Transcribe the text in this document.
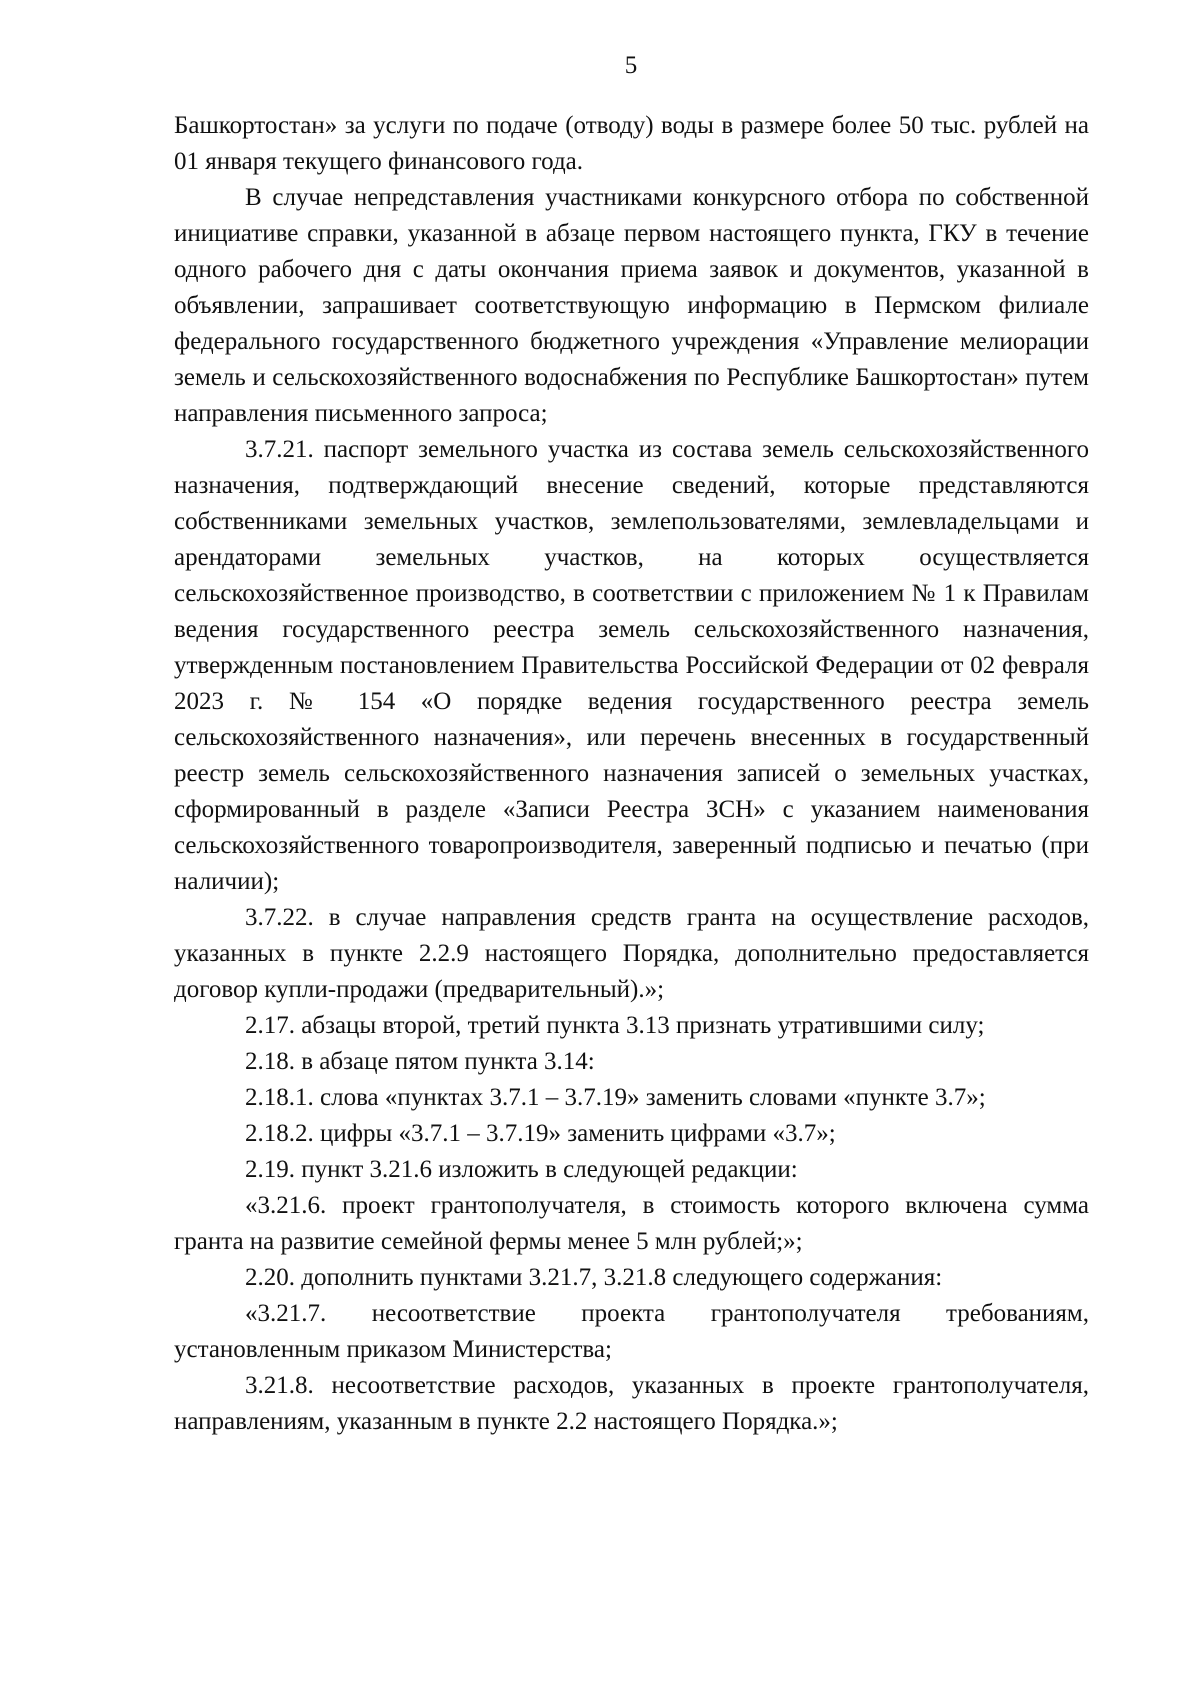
5

Башкортостан» за услуги по подаче (отводу) воды в размере более 50 тыс. рублей на 01 января текущего финансового года.

В случае непредставления участниками конкурсного отбора по собственной инициативе справки, указанной в абзаце первом настоящего пункта, ГКУ в течение одного рабочего дня с даты окончания приема заявок и документов, указанной в объявлении, запрашивает соответствующую информацию в Пермском филиале федерального государственного бюджетного учреждения «Управление мелиорации земель и сельскохозяйственного водоснабжения по Республике Башкортостан» путем направления письменного запроса;

3.7.21. паспорт земельного участка из состава земель сельскохозяйственного назначения, подтверждающий внесение сведений, которые представляются собственниками земельных участков, землепользователями, землевладельцами и арендаторами земельных участков, на которых осуществляется сельскохозяйственное производство, в соответствии с приложением № 1 к Правилам ведения государственного реестра земель сельскохозяйственного назначения, утвержденным постановлением Правительства Российской Федерации от 02 февраля 2023 г. № 154 «О порядке ведения государственного реестра земель сельскохозяйственного назначения», или перечень внесенных в государственный реестр земель сельскохозяйственного назначения записей о земельных участках, сформированный в разделе «Записи Реестра ЗСН» с указанием наименования сельскохозяйственного товаропроизводителя, заверенный подписью и печатью (при наличии);

3.7.22. в случае направления средств гранта на осуществление расходов, указанных в пункте 2.2.9 настоящего Порядка, дополнительно предоставляется договор купли-продажи (предварительный).»;

2.17. абзацы второй, третий пункта 3.13 признать утратившими силу;

2.18. в абзаце пятом пункта 3.14:

2.18.1. слова «пунктах 3.7.1 – 3.7.19» заменить словами «пункте 3.7»;

2.18.2. цифры «3.7.1 – 3.7.19» заменить цифрами «3.7»;

2.19. пункт 3.21.6 изложить в следующей редакции:

«3.21.6. проект грантополучателя, в стоимость которого включена сумма гранта на развитие семейной фермы менее 5 млн рублей;»;

2.20. дополнить пунктами 3.21.7, 3.21.8 следующего содержания:

«3.21.7. несоответствие проекта грантополучателя требованиям, установленным приказом Министерства;

3.21.8. несоответствие расходов, указанных в проекте грантополучателя, направлениям, указанным в пункте 2.2 настоящего Порядка.»;
